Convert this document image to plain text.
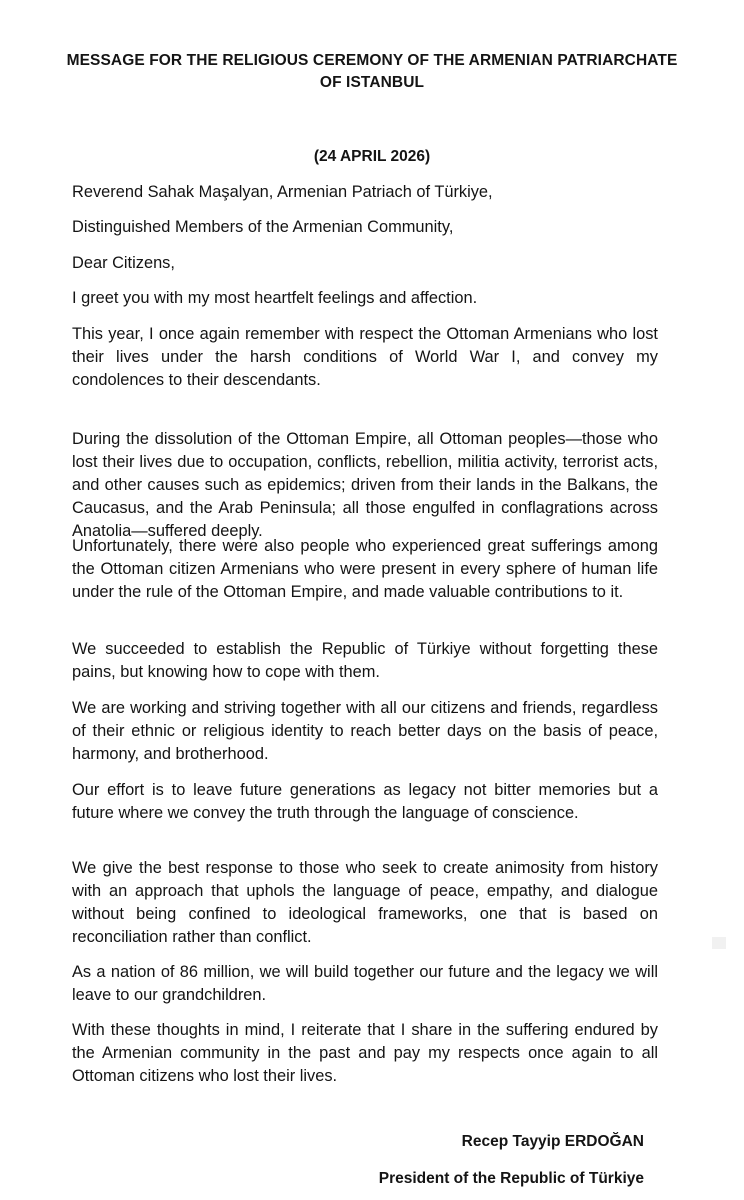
MESSAGE FOR THE RELIGIOUS CEREMONY OF THE ARMENIAN PATRIARCHATE OF ISTANBUL
(24 APRIL 2026)

Reverend Sahak Maşalyan, Armenian Patriach of Türkiye,

Distinguished Members of the Armenian Community,

Dear Citizens,

I greet you with my most heartfelt feelings and affection.

This year, I once again remember with respect the Ottoman Armenians who lost their lives under the harsh conditions of World War I, and convey my condolences to their descendants.

During the dissolution of the Ottoman Empire, all Ottoman peoples—those who lost their lives due to occupation, conflicts, rebellion, militia activity, terrorist acts, and other causes such as epidemics; driven from their lands in the Balkans, the Caucasus, and the Arab Peninsula; all those engulfed in conflagrations across Anatolia—suffered deeply.

Unfortunately, there were also people who experienced great sufferings among the Ottoman citizen Armenians who were present in every sphere of human life under the rule of the Ottoman Empire, and made valuable contributions to it.

We succeeded to establish the Republic of Türkiye without forgetting these pains, but knowing how to cope with them.

We are working and striving together with all our citizens and friends, regardless of their ethnic or religious identity to reach better days on the basis of peace, harmony, and brotherhood.

Our effort is to leave future generations as legacy not bitter memories but a future where we convey the truth through the language of conscience.

We give the best response to those who seek to create animosity from history with an approach that uphols the language of peace, empathy, and dialogue without being confined to ideological frameworks, one that is based on reconciliation rather than conflict.

As a nation of 86 million, we will build together our future and the legacy we will leave to our grandchildren.

With these thoughts in mind, I reiterate that I share in the suffering endured by the Armenian community in the past and pay my respects once again to all Ottoman citizens who lost their lives.

Recep Tayyip ERDOĞAN
President of the Republic of Türkiye
